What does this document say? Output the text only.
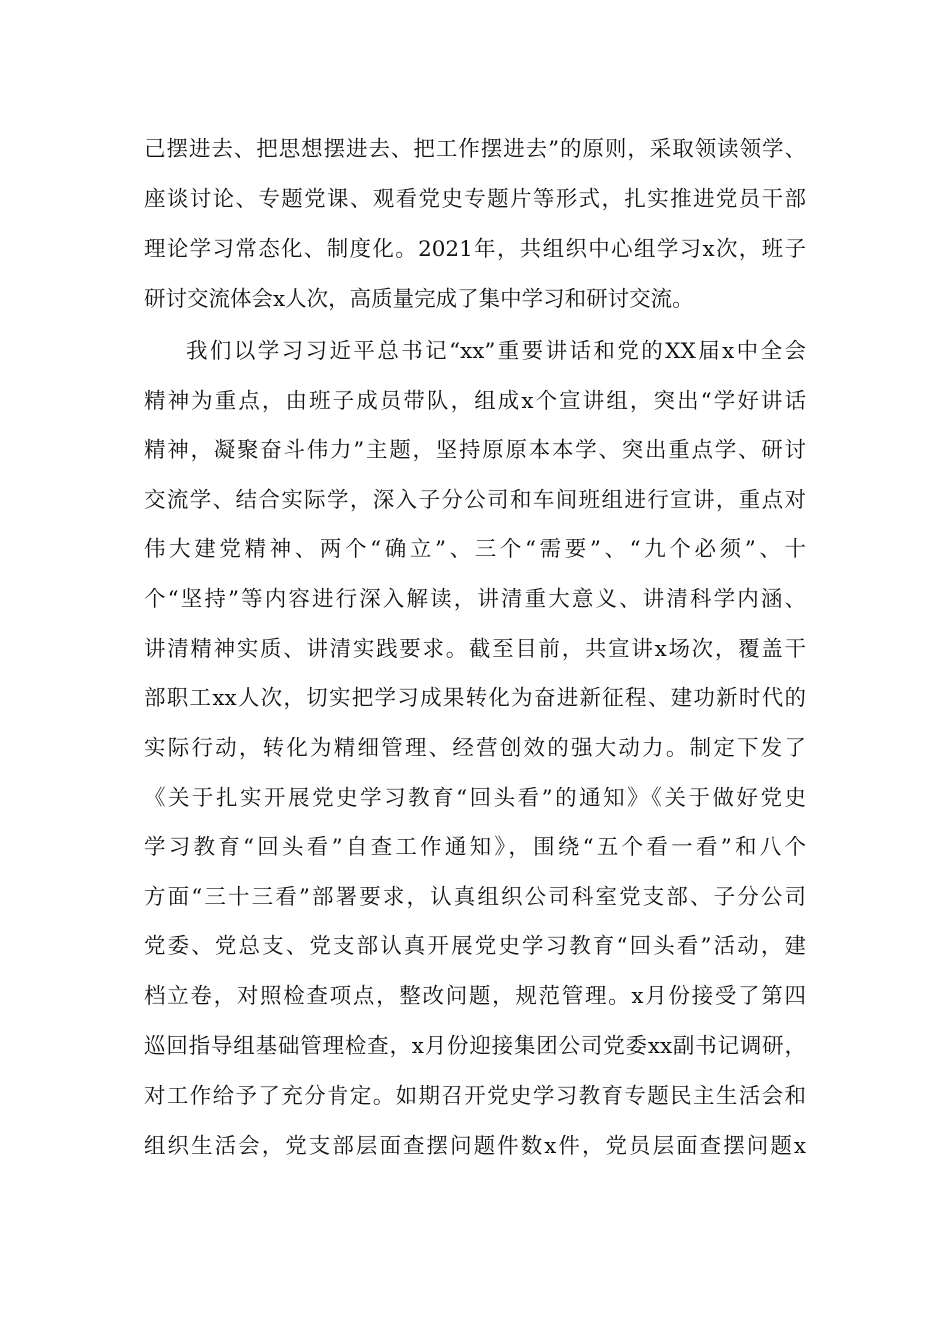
己摆进去、把思想摆进去、把工作摆进去”的原则，采取领读领学、
座谈讨论、专题党课、观看党史专题片等形式，扎实推进党员干部
理论学习常态化、制度化。2021年，共组织中心组学习x次，班子
研讨交流体会x人次，高质量完成了集中学习和研讨交流。
我们以学习习近平总书记“xx”重要讲话和党的XX届x中全会
精神为重点，由班子成员带队，组成x个宣讲组，突出“学好讲话
精神，凝聚奋斗伟力”主题，坚持原原本本学、突出重点学、研讨
交流学、结合实际学，深入子分公司和车间班组进行宣讲，重点对
伟大建党精神、两个“确立”、三个“需要”、“九个必须”、十
个“坚持”等内容进行深入解读，讲清重大意义、讲清科学内涵、
讲清精神实质、讲清实践要求。截至目前，共宣讲x场次，覆盖干
部职工xx人次，切实把学习成果转化为奋进新征程、建功新时代的
实际行动，转化为精细管理、经营创效的强大动力。制定下发了
《关于扎实开展党史学习教育“回头看”的通知》《关于做好党史
学习教育“回头看”自查工作通知》，围绕“五个看一看”和八个
方面“三十三看”部署要求，认真组织公司科室党支部、子分公司
党委、党总支、党支部认真开展党史学习教育“回头看”活动，建
档立卷，对照检查项点，整改问题，规范管理。x月份接受了第四
巡回指导组基础管理检查，x月份迎接集团公司党委xx副书记调研，
对工作给予了充分肯定。如期召开党史学习教育专题民主生活会和
组织生活会，党支部层面查摆问题件数x件，党员层面查摆问题x
